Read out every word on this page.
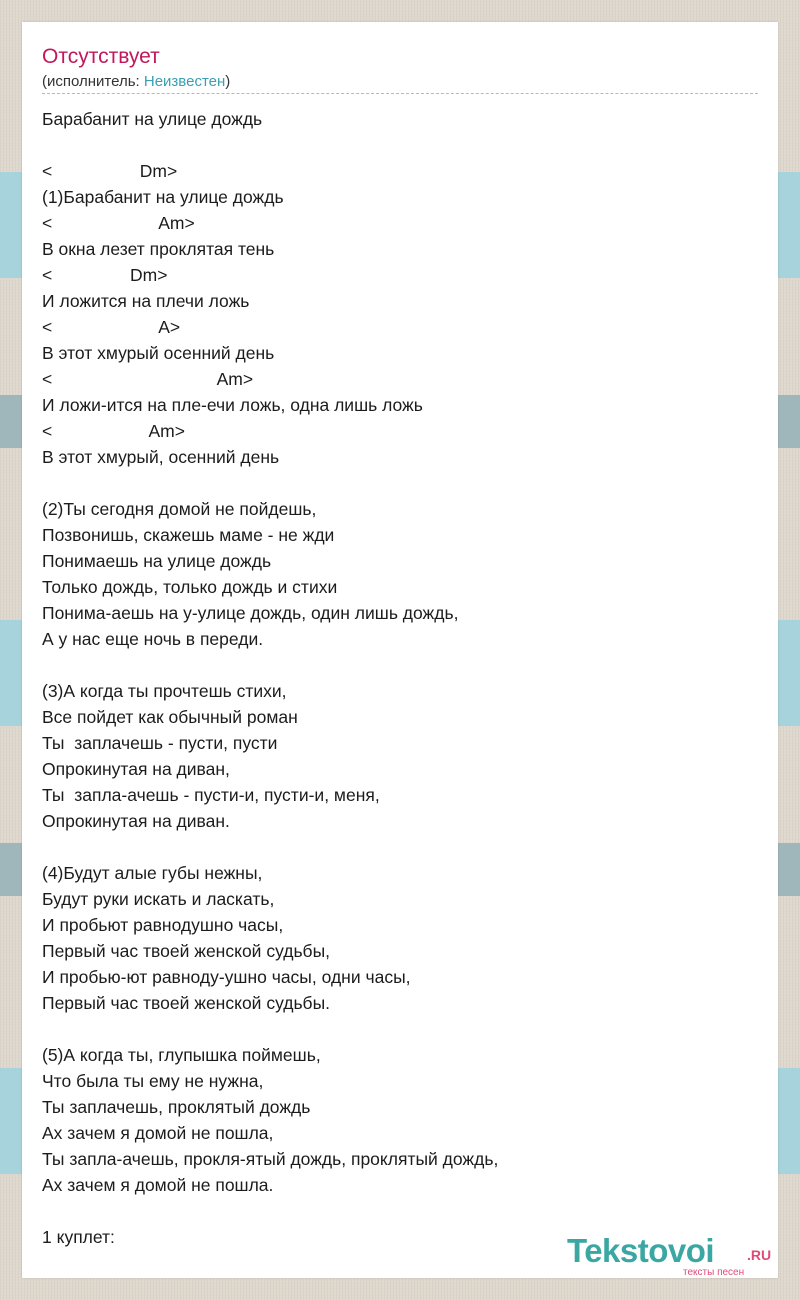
Отсутствует
(исполнитель: Неизвестен)
Барабанит на улице дождь
<                  Dm>
(1)Барабанит на улице дождь
<                      Am>
В окна лезет проклятая тень
<                Dm>
И ложится на плечи ложь
<                      A>
В этот хмурый осенний день
<                                  Am>
И ложи-ится на пле-ечи ложь, одна лишь ложь
<                    Am>
В этот хмурый, осенний день
(2)Ты сегодня домой не пойдешь,
Позвонишь, скажешь маме - не жди
Понимаешь на улице дождь
Только дождь, только дождь и стихи
Понима-аешь на у-улице дождь, один лишь дождь,
А у нас еще ночь в переди.
(3)А когда ты прочтешь стихи,
Все пойдет как обычный роман
Ты  заплачешь - пусти, пусти
Опрокинутая на диван,
Ты  запла-ачешь - пусти-и, пусти-и, меня,
Опрокинутая на диван.
(4)Будут алые губы нежны,
Будут руки искать и ласкать,
И пробьют равнодушно часы,
Первый час твоей женской судьбы,
И пробью-ют равноду-ушно часы, одни часы,
Первый час твоей женской судьбы.
(5)А когда ты, глупышка поймешь,
Что была ты ему не нужна,
Ты заплачешь, проклятый дождь
Ах зачем я домой не пошла,
Ты запла-ачешь, прокля-ятый дождь, проклятый дождь,
Ах зачем я домой не пошла.
1 куплет:	Tekstovoi .RU
тексты песен
